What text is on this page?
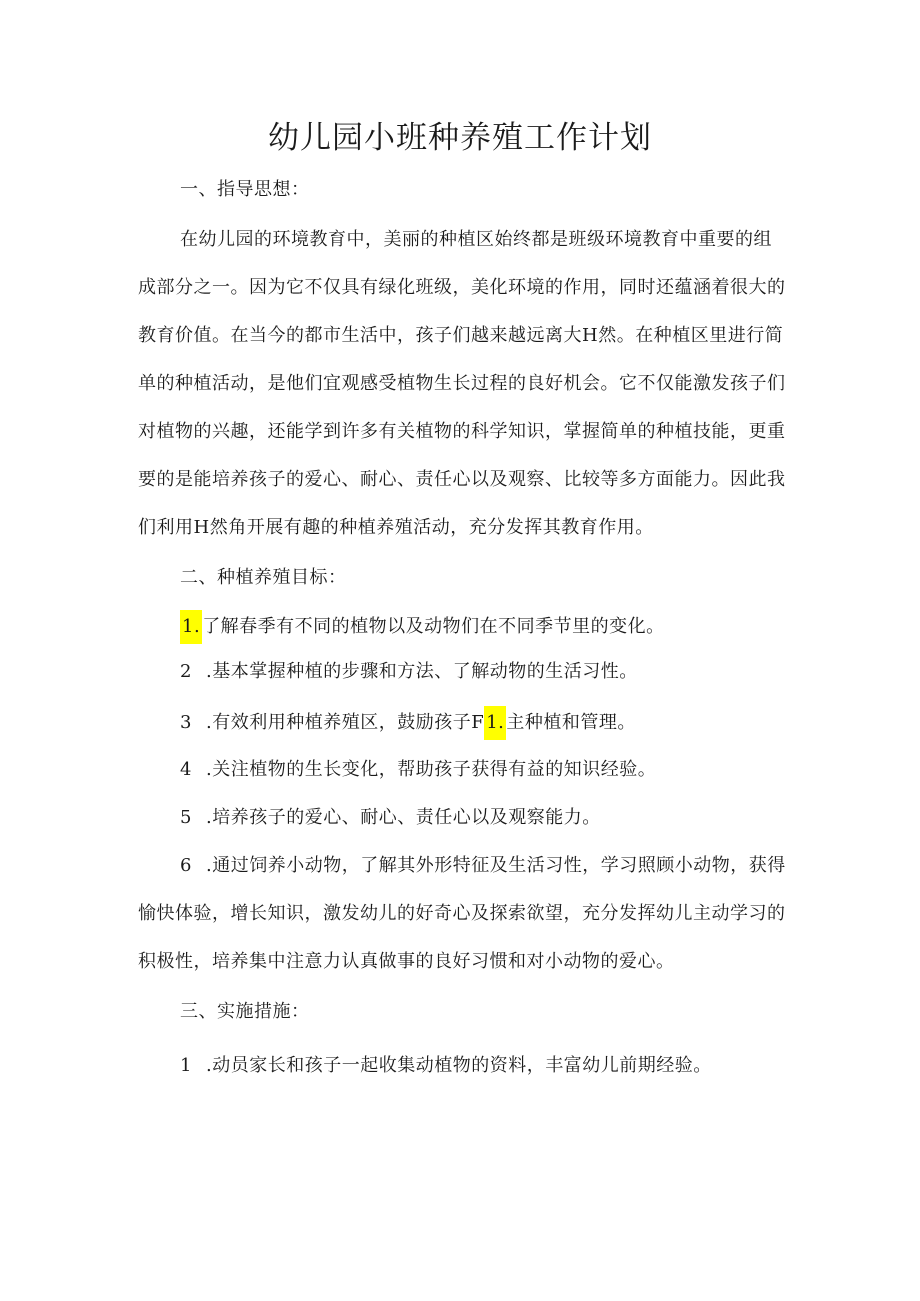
幼儿园小班种养殖工作计划
一、指导思想：
在幼儿园的环境教育中，美丽的种植区始终都是班级环境教育中重要的组
成部分之一。因为它不仅具有绿化班级，美化环境的作用，同时还蕴涵着很大的
教育价值。在当今的都市生活中，孩子们越来越远离大H然。在种植区里进行简
单的种植活动，是他们宜观感受植物生长过程的良好机会。它不仅能激发孩子们
对植物的兴趣，还能学到许多有关植物的科学知识，掌握简单的种植技能，更重
要的是能培养孩子的爱心、耐心、责任心以及观察、比较等多方面能力。因此我
们利用H然角开展有趣的种植养殖活动，充分发挥其教育作用。
二、种植养殖目标：
1. 了解春季有不同的植物以及动物们在不同季节里的变化。
2 .基本掌握种植的步骤和方法、了解动物的生活习性。
3 .有效利用种植养殖区，鼓励孩子F 1. 主种植和管理。
4 .关注植物的生长变化，帮助孩子获得有益的知识经验。
5 .培养孩子的爱心、耐心、责任心以及观察能力。
6 .通过饲养小动物，了解其外形特征及生活习性，学习照顾小动物，获得
愉快体验，增长知识，激发幼儿的好奇心及探索欲望，充分发挥幼儿主动学习的
积极性，培养集中注意力认真做事的良好习惯和对小动物的爱心。
三、实施措施：
1 .动员家长和孩子一起收集动植物的资料，丰富幼儿前期经验。
